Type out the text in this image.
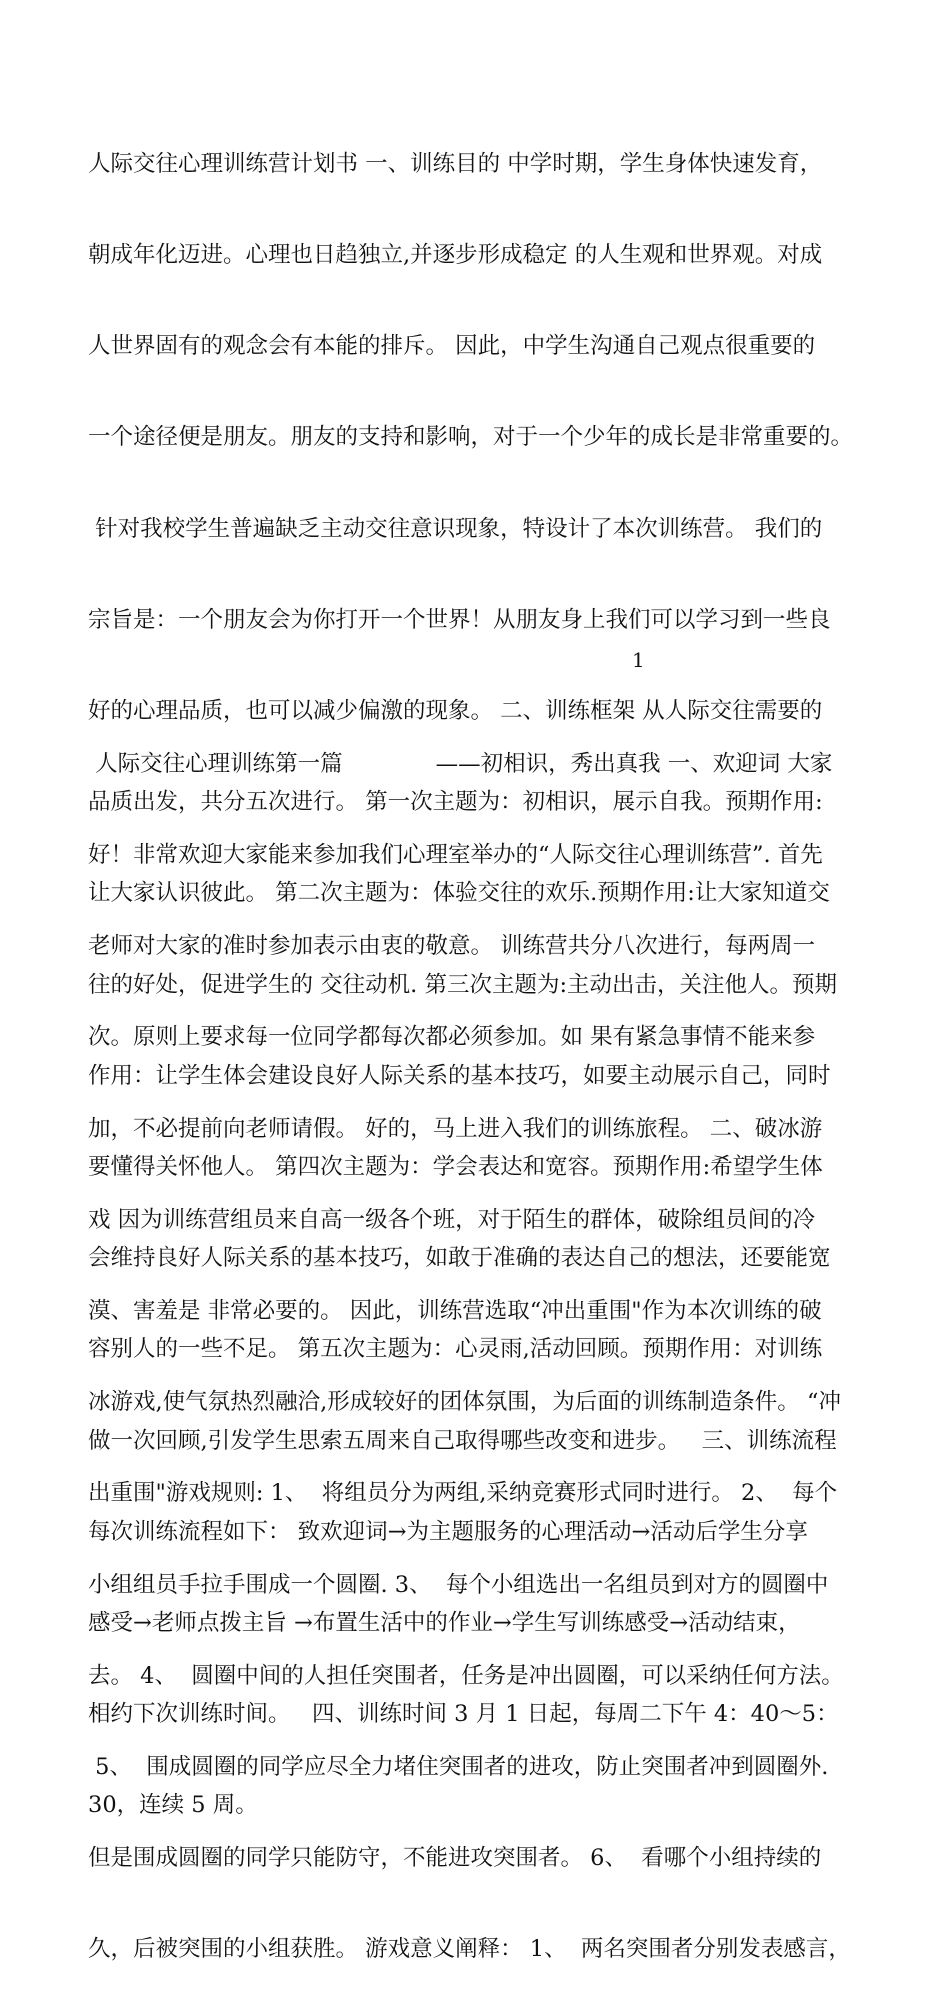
人际交往心理训练营计划书 一、训练目的 中学时期，学生身体快速发育，

朝成年化迈进。心理也日趋独立,并逐步形成稳定 的人生观和世界观。对成

人世界固有的观念会有本能的排斥。 因此，中学生沟通自己观点很重要的

一个途径便是朋友。朋友的支持和影响，对于一个少年的成长是非常重要的。

针对我校学生普遍缺乏主动交往意识现象，特设计了本次训练营。 我们的

宗旨是：一个朋友会为你打开一个世界！从朋友身上我们可以学习到一些良

好的心理品质，也可以减少偏激的现象。 二、训练框架 从人际交往需要的

品质出发，共分五次进行。 第一次主题为：初相识，展示自我。预期作用:

让大家认识彼此。 第二次主题为：体验交往的欢乐.预期作用:让大家知道交

往的好处，促进学生的 交往动机. 第三次主题为:主动出击，关注他人。预期

作用：让学生体会建设良好人际关系的基本技巧，如要主动展示自己，同时

要懂得关怀他人。 第四次主题为：学会表达和宽容。预期作用:希望学生体

会维持良好人际关系的基本技巧，如敢于准确的表达自己的想法，还要能宽

容别人的一些不足。 第五次主题为：心灵雨,活动回顾。预期作用：对训练

做一次回顾,引发学生思索五周来自己取得哪些改变和进步。   三、训练流程

每次训练流程如下： 致欢迎词→为主题服务的心理活动→活动后学生分享

感受→老师点拨主旨 →布置生活中的作业→学生写训练感受→活动结束，

相约下次训练时间。   四、训练时间 3 月 1 日起，每周二下午 4：40～5：

30，连续 5 周。

1

人际交往心理训练第一篇             ——初相识，秀出真我 一、欢迎词 大家

好！非常欢迎大家能来参加我们心理室举办的“人际交往心理训练营”. 首先

老师对大家的准时参加表示由衷的敬意。 训练营共分八次进行，每两周一

次。原则上要求每一位同学都每次都必须参加。如 果有紧急事情不能来参

加，不必提前向老师请假。 好的，马上进入我们的训练旅程。 二、破冰游

戏 因为训练营组员来自高一级各个班，对于陌生的群体，破除组员间的冷

漠、害羞是 非常必要的。 因此，训练营选取“冲出重围"作为本次训练的破

冰游戏,使气氛热烈融洽,形成较好的团体氛围，为后面的训练制造条件。 “冲

出重围"游戏规则: 1、  将组员分为两组,采纳竞赛形式同时进行。 2、  每个

小组组员手拉手围成一个圆圈. 3、  每个小组选出一名组员到对方的圆圈中

去。 4、  圆圈中间的人担任突围者，任务是冲出圆圈，可以采纳任何方法。

5、  围成圆圈的同学应尽全力堵住突围者的进攻，防止突围者冲到圆圈外.

但是围成圆圈的同学只能防守，不能进攻突围者。 6、  看哪个小组持续的

久，后被突围的小组获胜。 游戏意义阐释： 1、  两名突围者分别发表感言，
